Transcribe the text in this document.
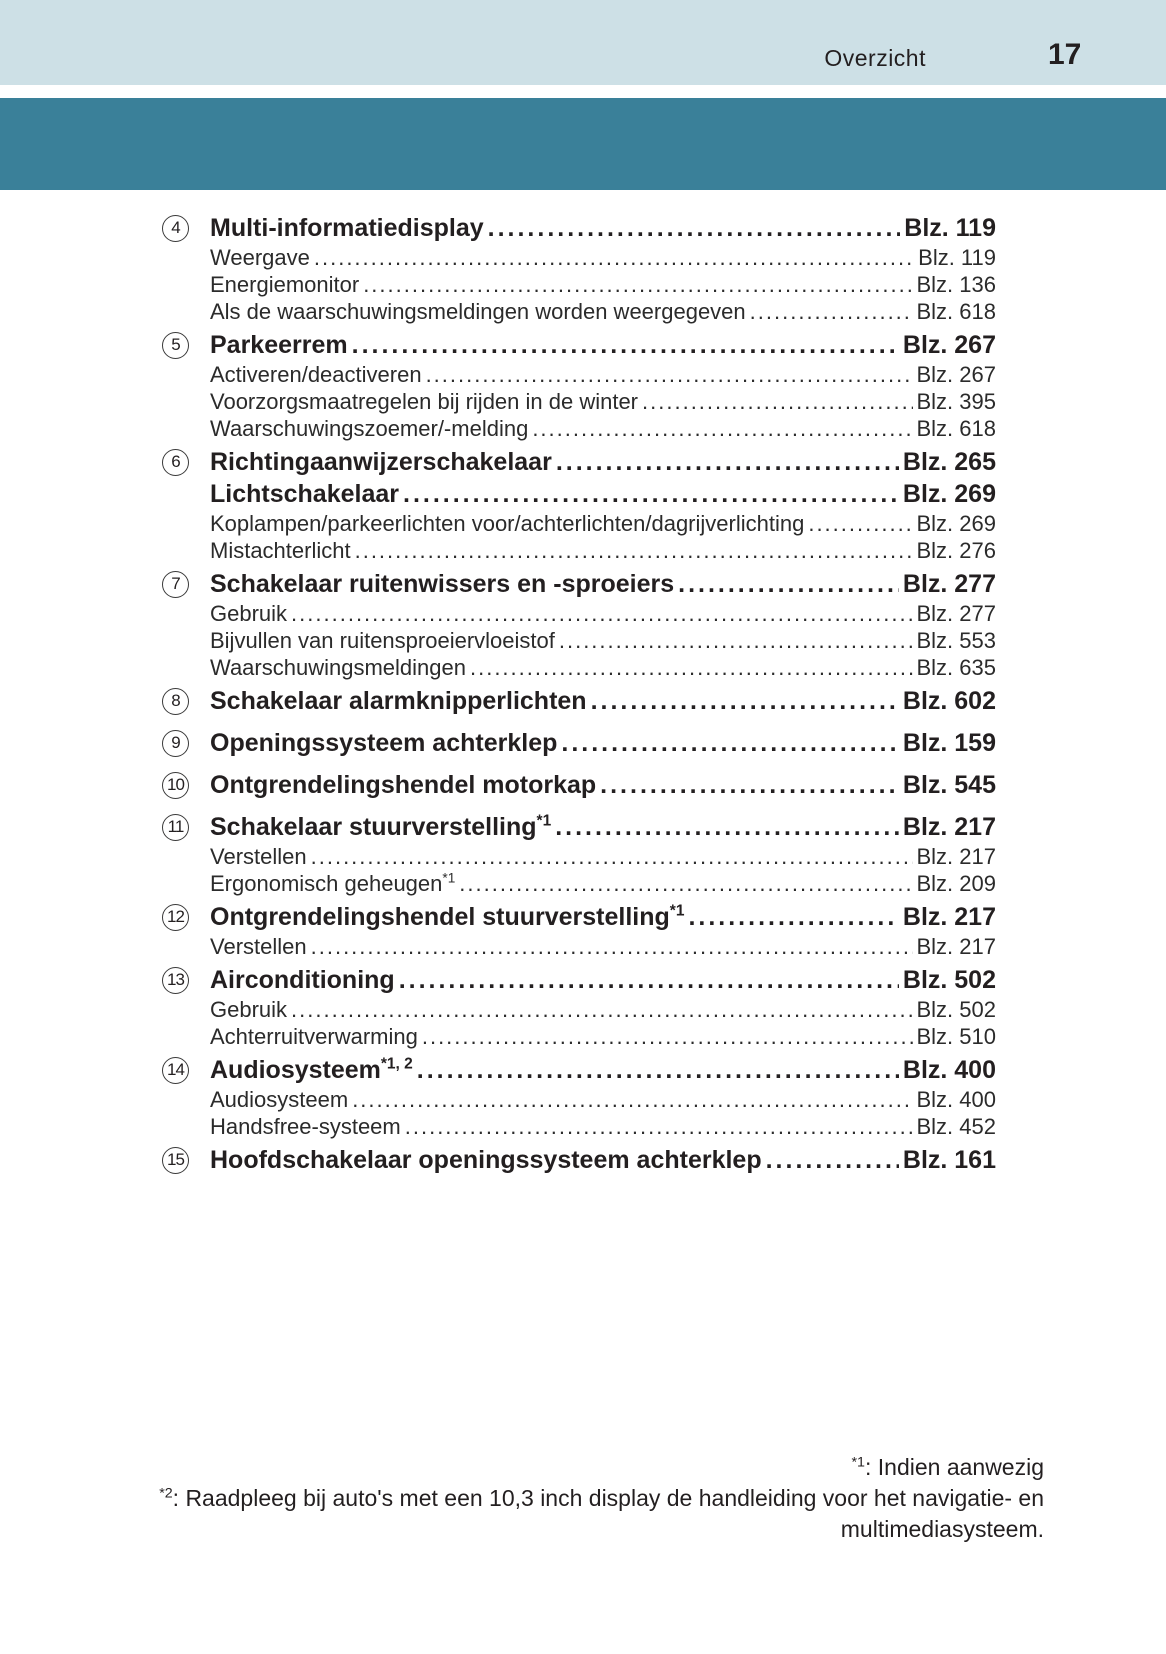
Overzicht	17
4	Multi-informatiedisplay .....	Blz. 119
Weergave .....	Blz. 119
Energiemonitor .....	Blz. 136
Als de waarschuwingsmeldingen worden weergegeven .....	Blz. 618
5	Parkeerrem .....	Blz. 267
Activeren/deactiveren .....	Blz. 267
Voorzorgsmaatregelen bij rijden in de winter .....	Blz. 395
Waarschuwingszoemer/-melding .....	Blz. 618
6	Richtingaanwijzerschakelaar .....	Blz. 265
Lichtschakelaar .....	Blz. 269
Koplampen/parkeerlichten voor/achterlichten/dagrijverlichting .....	Blz. 269
Mistachterlicht .....	Blz. 276
7	Schakelaar ruitenwissers en -sproeiers .....	Blz. 277
Gebruik .....	Blz. 277
Bijvullen van ruitensproeiervloeistof .....	Blz. 553
Waarschuwingsmeldingen .....	Blz. 635
8	Schakelaar alarmknipperlichten .....	Blz. 602
9	Openingssysteem achterklep .....	Blz. 159
10 Ontgrendelingshendel motorkap .....	Blz. 545
11 Schakelaar stuurverstelling$^{*1}$ .....	Blz. 217
Verstellen .....	Blz. 217
Ergonomisch geheugen$^{*1}$ .....	Blz. 209
12 Ontgrendelingshendel stuurverstelling$^{*1}$ .....	Blz. 217
Verstellen .....	Blz. 217
13 Airconditioning .....	Blz. 502
Gebruik .....	Blz. 502
Achterruitverwarming .....	Blz. 510
14 Audiosysteem$^{*1, 2}$ .....	Blz. 400
Audiosysteem .....	Blz. 400
Handsfree-systeem .....	Blz. 452
15 Hoofdschakelaar openingssysteem achterklep .....	Blz. 161
$^{*1}$: Indien aanwezig
$^{*2}$: Raadpleeg bij auto's met een 10,3 inch display de handleiding voor het navigatie- en
multimediasysteem.
